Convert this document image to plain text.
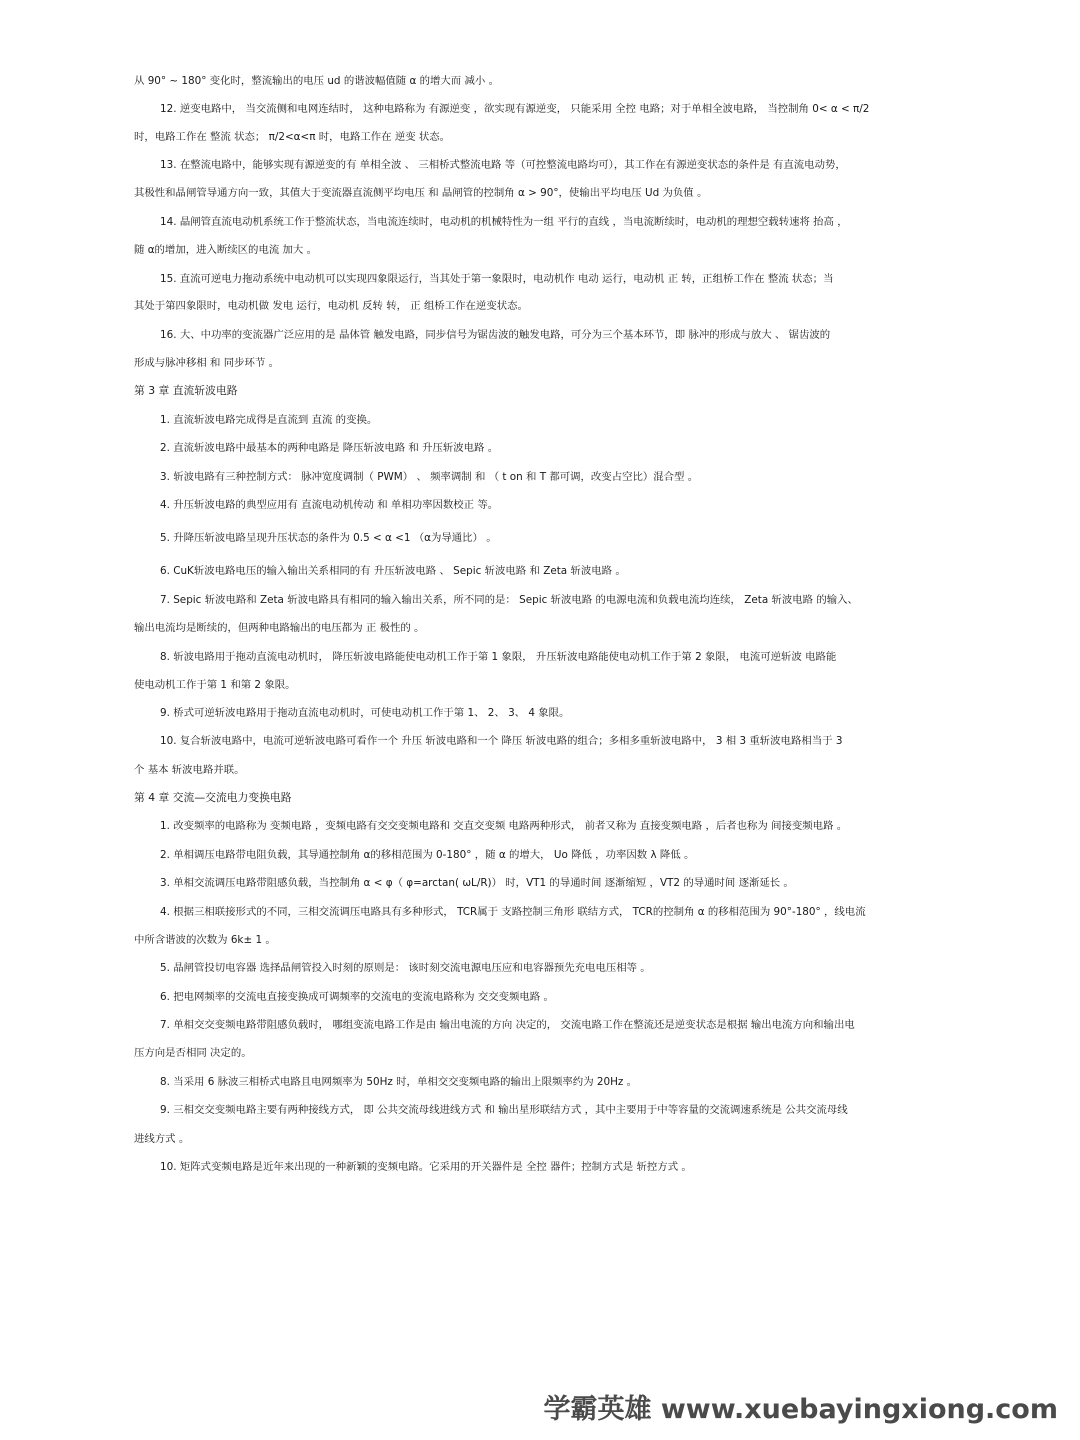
从 90° ~ 180° 变化时，整流输出的电压 ud 的谐波幅值随 α 的增大而 减小 。
12. 逆变电路中， 当交流侧和电网连结时， 这种电路称为 有源逆变 ，欲实现有源逆变， 只能采用 全控 电路；对于单相全波电路， 当控制角 0< α < π/2
时，电路工作在 整流 状态； π/2<α<π 时，电路工作在 逆变 状态。
13. 在整流电路中，能够实现有源逆变的有 单相全波 、 三相桥式整流电路 等（可控整流电路均可），其工作在有源逆变状态的条件是 有直流电动势，
其极性和晶闸管导通方向一致，其值大于变流器直流侧平均电压 和 晶闸管的控制角 α > 90°，使输出平均电压 Ud 为负值 。
14. 晶闸管直流电动机系统工作于整流状态，当电流连续时，电动机的机械特性为一组 平行的直线 ，当电流断续时，电动机的理想空载转速将 抬高 ，
随 α的增加，进入断续区的电流 加大 。
15. 直流可逆电力拖动系统中电动机可以实现四象限运行，当其处于第一象限时，电动机作 电动 运行，电动机 正 转，正组桥工作在 整流 状态；当
其处于第四象限时，电动机做 发电 运行，电动机 反转 转， 正 组桥工作在逆变状态。
16. 大、中功率的变流器广泛应用的是 晶体管 触发电路，同步信号为锯齿波的触发电路，可分为三个基本环节，即 脉冲的形成与放大 、 锯齿波的
形成与脉冲移相 和 同步环节 。
第 3 章 直流斩波电路
1. 直流斩波电路完成得是直流到 直流 的变换。
2. 直流斩波电路中最基本的两种电路是 降压斩波电路 和 升压斩波电路 。
3. 斩波电路有三种控制方式： 脉冲宽度调制（ PWM） 、 频率调制 和 （ t on 和 T 都可调，改变占空比）混合型 。
4. 升压斩波电路的典型应用有 直流电动机传动 和 单相功率因数校正 等。
5. 升降压斩波电路呈现升压状态的条件为 0.5 < α <1 （α为导通比） 。
6. CuK斩波电路电压的输入输出关系相同的有 升压斩波电路 、 Sepic 斩波电路 和 Zeta 斩波电路 。
7. Sepic 斩波电路和 Zeta 斩波电路具有相同的输入输出关系，所不同的是： Sepic 斩波电路 的电源电流和负载电流均连续， Zeta 斩波电路 的输入、
输出电流均是断续的，但两种电路输出的电压都为 正 极性的 。
8. 斩波电路用于拖动直流电动机时， 降压斩波电路能使电动机工作于第 1 象限， 升压斩波电路能使电动机工作于第 2 象限， 电流可逆斩波 电路能
使电动机工作于第 1 和第 2 象限。
9. 桥式可逆斩波电路用于拖动直流电动机时，可使电动机工作于第 1、 2、 3、 4 象限。
10. 复合斩波电路中，电流可逆斩波电路可看作一个 升压 斩波电路和一个 降压 斩波电路的组合；多相多重斩波电路中， 3 相 3 重斩波电路相当于 3
个 基本 斩波电路并联。
第 4 章 交流—交流电力变换电路
1. 改变频率的电路称为 变频电路 ，变频电路有交交变频电路和 交直交变频 电路两种形式， 前者又称为 直接变频电路 ，后者也称为 间接变频电路 。
2. 单相调压电路带电阻负载，其导通控制角 α的移相范围为 0-180° ，随 α 的增大， Uo 降低 ，功率因数 λ 降低 。
3. 单相交流调压电路带阻感负载，当控制角 α < φ（ φ=arctan( ωL/R)） 时，VT1 的导通时间 逐渐缩短 ，VT2 的导通时间 逐渐延长 。
4. 根据三相联接形式的不同，三相交流调压电路具有多种形式， TCR属于 支路控制三角形 联结方式， TCR的控制角 α 的移相范围为 90°-180° ，线电流
中所含谐波的次数为 6k± 1 。
5. 晶闸管投切电容器 选择晶闸管投入时刻的原则是： 该时刻交流电源电压应和电容器预先充电电压相等 。
6. 把电网频率的交流电直接变换成可调频率的交流电的变流电路称为 交交变频电路 。
7. 单相交交变频电路带阻感负载时， 哪组变流电路工作是由 输出电流的方向 决定的， 交流电路工作在整流还是逆变状态是根据 输出电流方向和输出电
压方向是否相同 决定的。
8. 当采用 6 脉波三相桥式电路且电网频率为 50Hz 时，单相交交变频电路的输出上限频率约为 20Hz 。
9. 三相交交变频电路主要有两种接线方式， 即 公共交流母线进线方式 和 输出星形联结方式 ，其中主要用于中等容量的交流调速系统是 公共交流母线
进线方式 。
10. 矩阵式变频电路是近年来出现的一种新颖的变频电路。它采用的开关器件是 全控 器件；控制方式是 斩控方式 。
学霸英雄 www.xuebayingxiong.com
